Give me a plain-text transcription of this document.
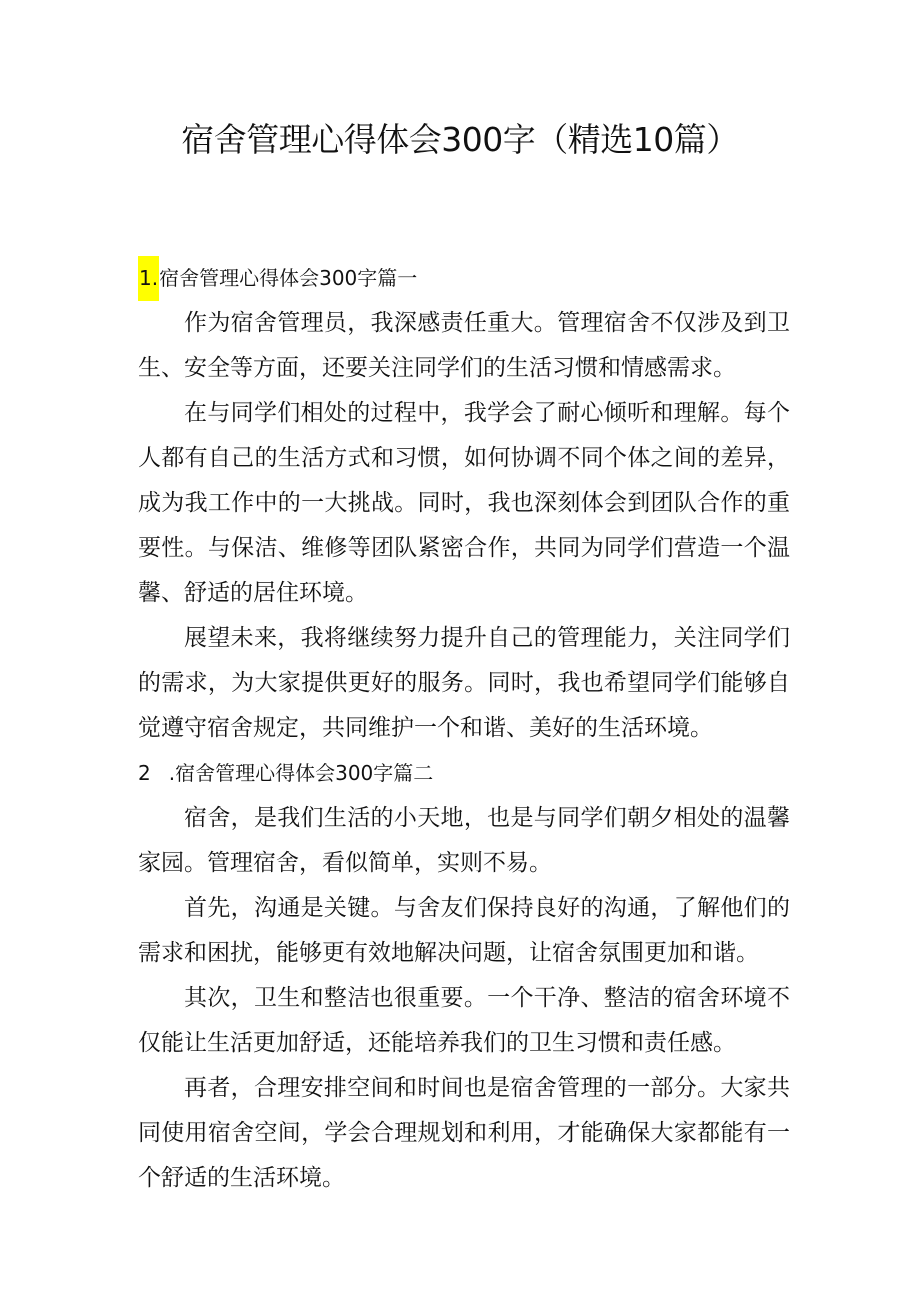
宿舍管理心得体会300字（精选10篇）
1.宿舍管理心得体会300字篇一

作为宿舍管理员，我深感责任重大。管理宿舍不仅涉及到卫生、安全等方面，还要关注同学们的生活习惯和情感需求。

在与同学们相处的过程中，我学会了耐心倾听和理解。每个人都有自己的生活方式和习惯，如何协调不同个体之间的差异，成为我工作中的一大挑战。同时，我也深刻体会到团队合作的重要性。与保洁、维修等团队紧密合作，共同为同学们营造一个温馨、舒适的居住环境。

展望未来，我将继续努力提升自己的管理能力，关注同学们的需求，为大家提供更好的服务。同时，我也希望同学们能够自觉遵守宿舍规定，共同维护一个和谐、美好的生活环境。

2 .宿舍管理心得体会300字篇二

宿舍，是我们生活的小天地，也是与同学们朝夕相处的温馨家园。管理宿舍，看似简单，实则不易。

首先，沟通是关键。与舍友们保持良好的沟通，了解他们的需求和困扰，能够更有效地解决问题，让宿舍氛围更加和谐。

其次，卫生和整洁也很重要。一个干净、整洁的宿舍环境不仅能让生活更加舒适，还能培养我们的卫生习惯和责任感。

再者，合理安排空间和时间也是宿舍管理的一部分。大家共同使用宿舍空间，学会合理规划和利用，才能确保大家都能有一个舒适的生活环境。
